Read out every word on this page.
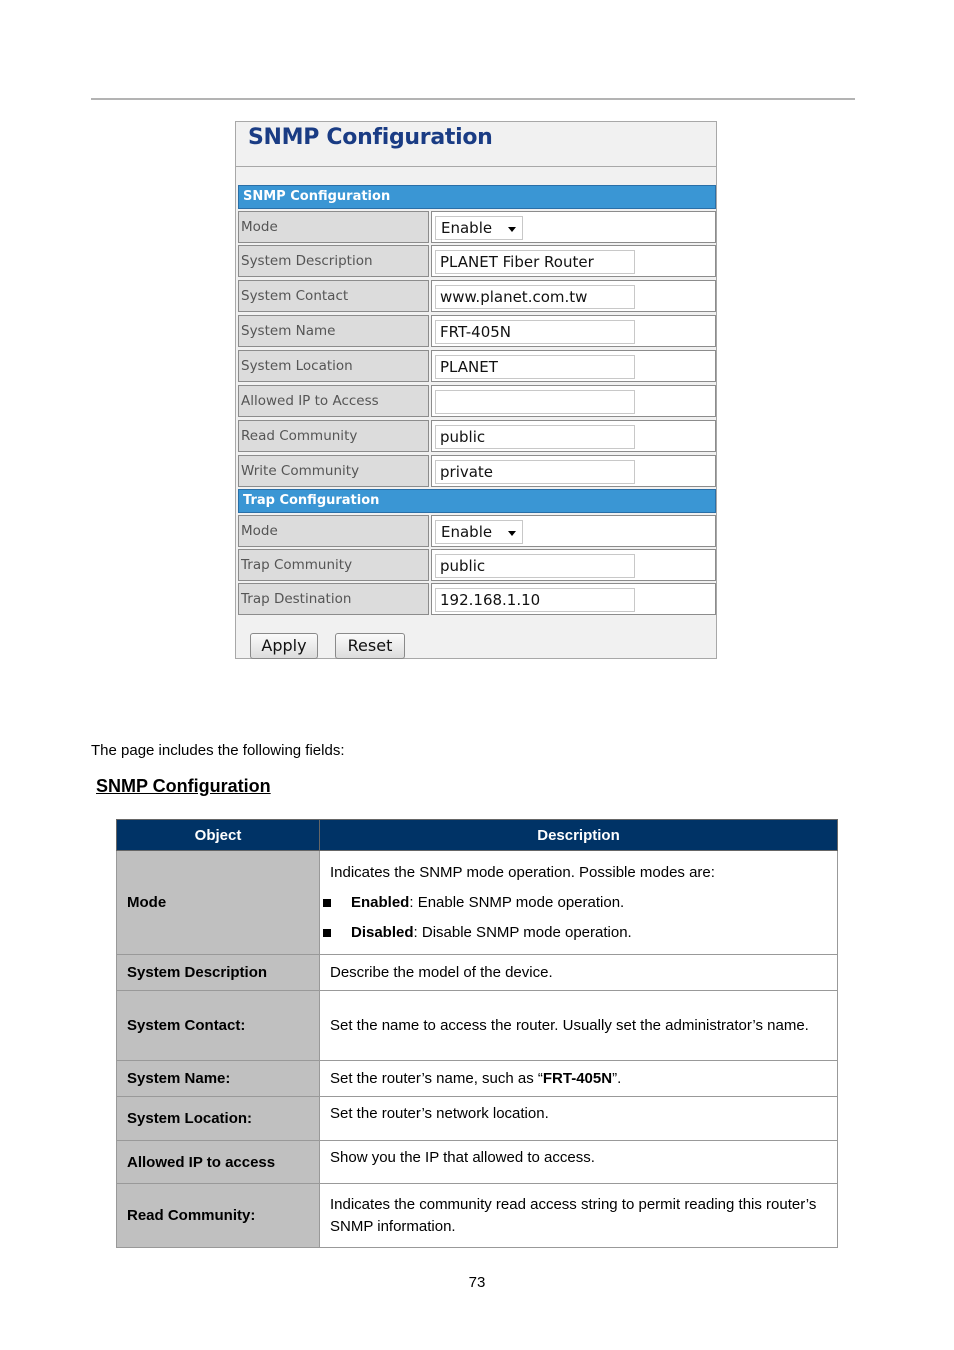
SNMP Configuration
SNMP Configuration
Mode	Enable
System Description	PLANET Fiber Router
System Contact	www.planet.com.tw
System Name	FRT-405N
System Location	PLANET
Allowed IP to Access
Read Community	public
Write Community	private
Trap Configuration
Mode	Enable
Trap Community	public
Trap Destination	192.168.1.10
Apply	Reset
The page includes the following fields:
SNMP Configuration
Object	Description
Mode	Indicates the SNMP mode operation. Possible modes are:
Enabled: Enable SNMP mode operation.
Disabled: Disable SNMP mode operation.

System Description	Describe the model of the device.
System Contact:	Set the name to access the router. Usually set the administrator’s name.
System Name:	Set the router’s name, such as “FRT-405N”.
System Location:	Set the router’s network location.
Allowed IP to access	Show you the IP that allowed to access.
Read Community:	Indicates the community read access string to permit reading this router’s SNMP information.
73
